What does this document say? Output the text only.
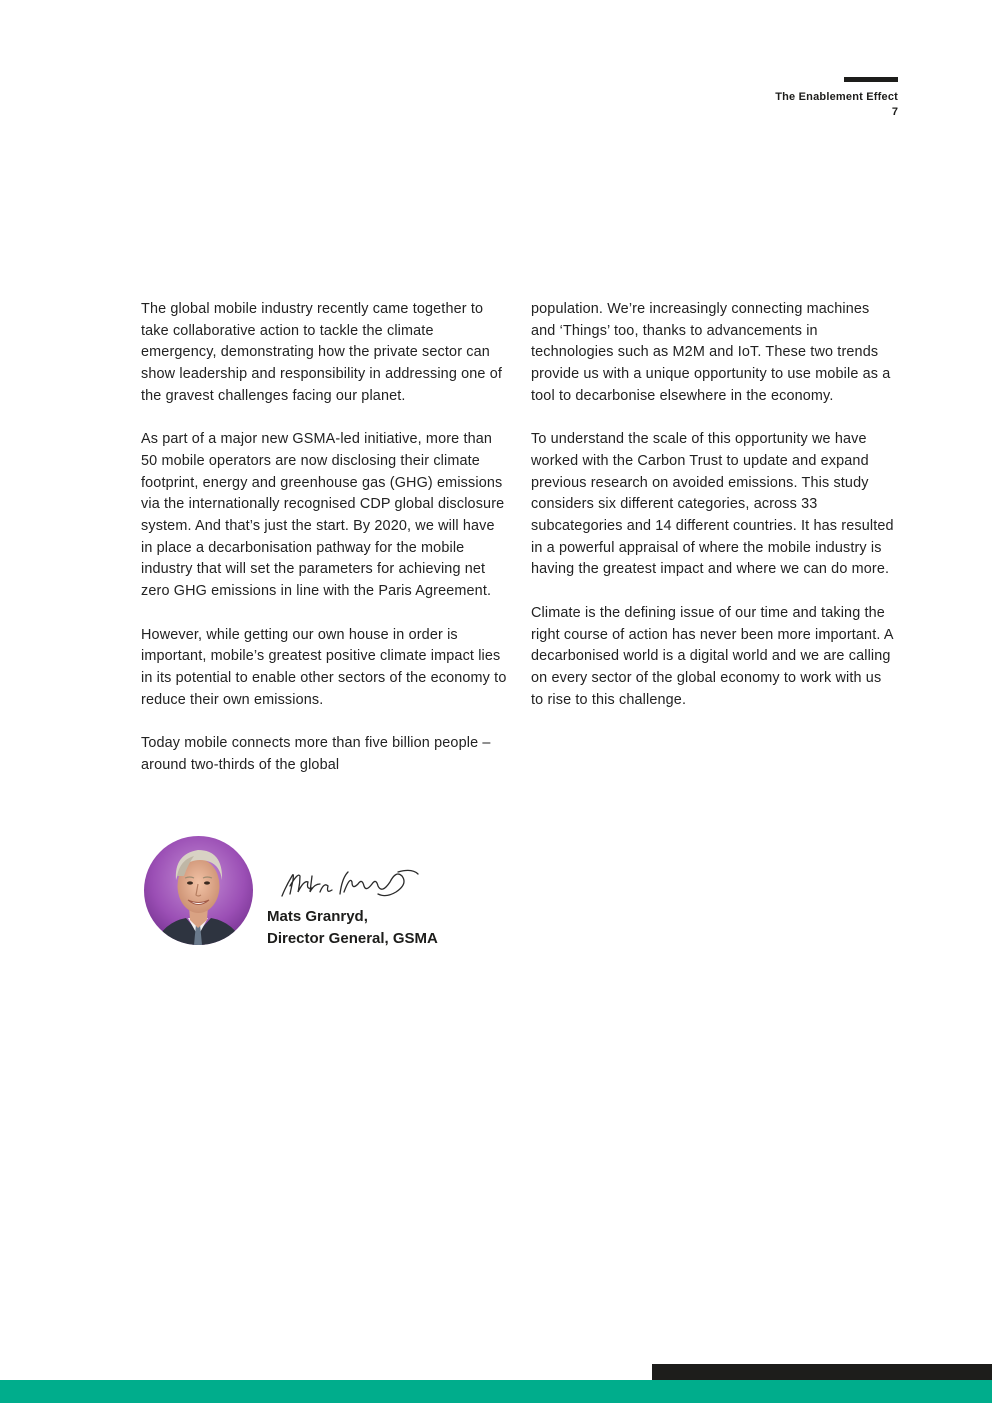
The Enablement Effect
7

The global mobile industry recently came together to take collaborative action to tackle the climate emergency, demonstrating how the private sector can show leadership and responsibility in addressing one of the gravest challenges facing our planet.

As part of a major new GSMA-led initiative, more than 50 mobile operators are now disclosing their climate footprint, energy and greenhouse gas (GHG) emissions via the internationally recognised CDP global disclosure system. And that’s just the start. By 2020, we will have in place a decarbonisation pathway for the mobile industry that will set the parameters for achieving net zero GHG emissions in line with the Paris Agreement.

However, while getting our own house in order is important, mobile’s greatest positive climate impact lies in its potential to enable other sectors of the economy to reduce their own emissions.

Today mobile connects more than five billion people – around two-thirds of the global

population. We’re increasingly connecting machines and ‘Things’ too, thanks to advancements in technologies such as M2M and IoT. These two trends provide us with a unique opportunity to use mobile as a tool to decarbonise elsewhere in the economy.

To understand the scale of this opportunity we have worked with the Carbon Trust to update and expand previous research on avoided emissions. This study considers six different categories, across 33 subcategories and 14 different countries. It has resulted in a powerful appraisal of where the mobile industry is having the greatest impact and where we can do more.

Climate is the defining issue of our time and taking the right course of action has never been more important. A decarbonised world is a digital world and we are calling on every sector of the global economy to work with us to rise to this challenge.

Mats Granryd,
Director General, GSMA
